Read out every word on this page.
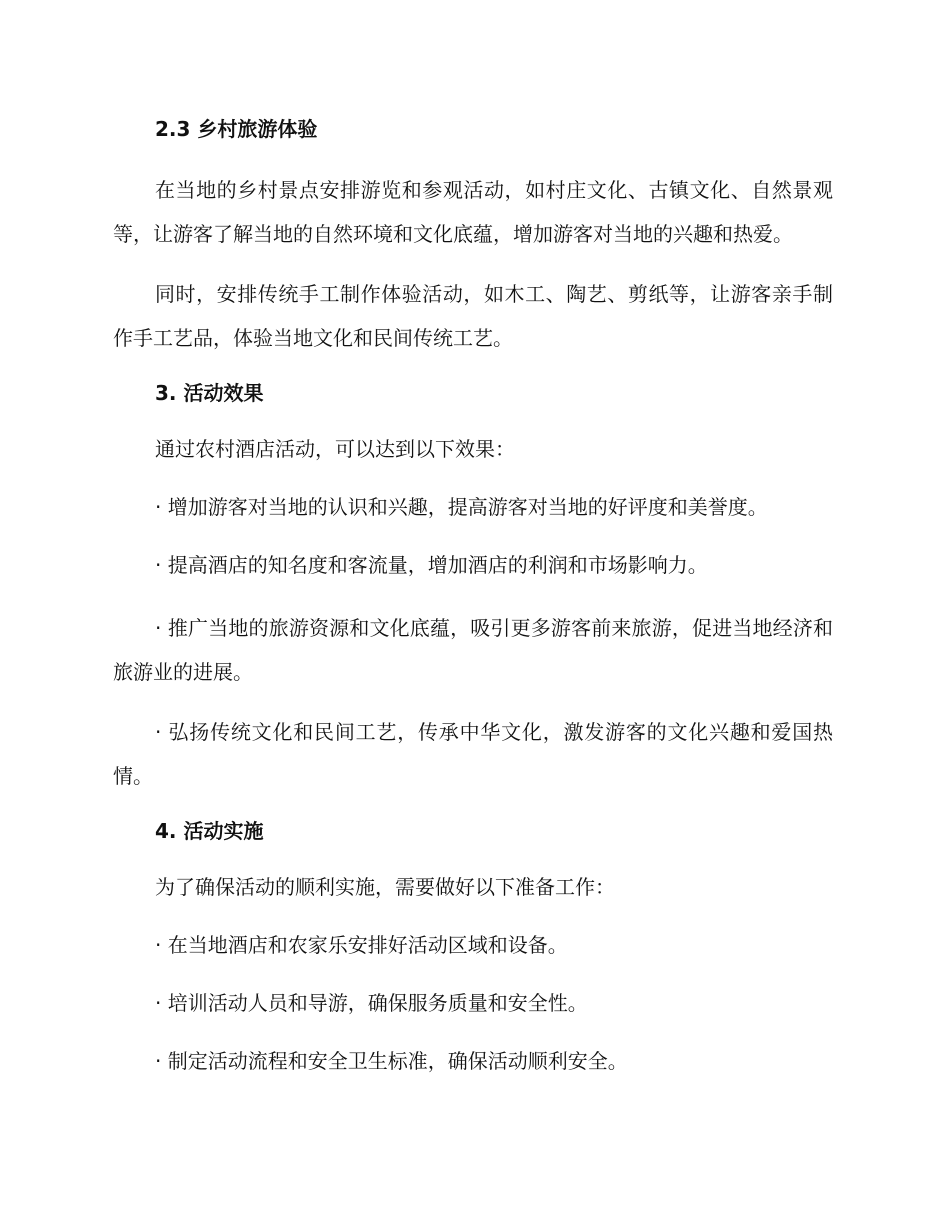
2.3 乡村旅游体验

在当地的乡村景点安排游览和参观活动，如村庄文化、古镇文化、自然景观等，让游客了解当地的自然环境和文化底蕴，增加游客对当地的兴趣和热爱。

同时，安排传统手工制作体验活动，如木工、陶艺、剪纸等，让游客亲手制作手工艺品，体验当地文化和民间传统工艺。

3. 活动效果

通过农村酒店活动，可以达到以下效果：

· 增加游客对当地的认识和兴趣，提高游客对当地的好评度和美誉度。

· 提高酒店的知名度和客流量，增加酒店的利润和市场影响力。

· 推广当地的旅游资源和文化底蕴，吸引更多游客前来旅游，促进当地经济和旅游业的进展。

· 弘扬传统文化和民间工艺，传承中华文化，激发游客的文化兴趣和爱国热情。

4. 活动实施

为了确保活动的顺利实施，需要做好以下准备工作：

· 在当地酒店和农家乐安排好活动区域和设备。

· 培训活动人员和导游，确保服务质量和安全性。

· 制定活动流程和安全卫生标准，确保活动顺利安全。
